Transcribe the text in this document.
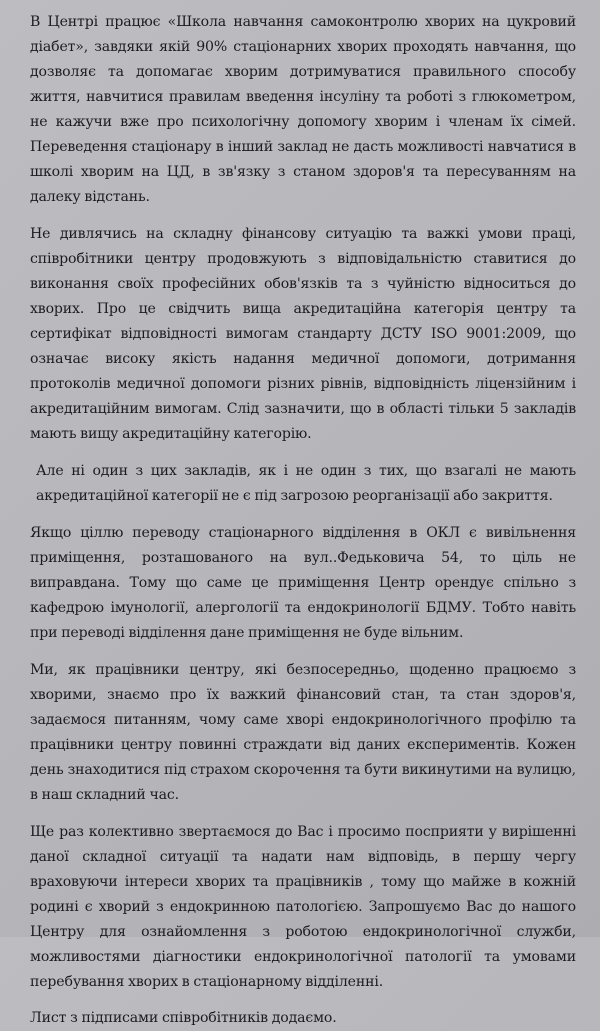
В Центрі працює «Школа навчання самоконтролю хворих на цукровий діабет», завдяки якій 90% стаціонарних хворих проходять навчання, що дозволяє та допомагає хворим дотримуватися правильного способу життя, навчитися правилам введення інсуліну та роботі з глюкометром, не кажучи вже про психологічну допомогу хворим і членам їх сімей. Переведення стаціонару в інший заклад не дасть можливості навчатися в школі хворим на ЦД, в зв'язку з станом здоров'я та пересуванням на далеку відстань.

Не дивлячись на складну фінансову ситуацію та важкі умови праці, співробітники центру продовжують з відповідальністю ставитися до виконання своїх професійних обов'язків та з чуйністю відноситься до хворих. Про це свідчить вища акредитаційна категорія центру та сертифікат відповідності вимогам стандарту ДСТУ ISO 9001:2009, що означає високу якість надання медичної допомоги, дотримання протоколів медичної допомоги різних рівнів, відповідність ліцензійним і акредитаційним вимогам. Слід зазначити, що в області тільки 5 закладів мають вищу акредитаційну категорію.

Але ні один з цих закладів, як і не один з тих, що взагалі не мають акредитаційної категорії не є під загрозою реорганізації або закриття.

Якщо ціллю переводу стаціонарного відділення в ОКЛ є вивільнення приміщення, розташованого на вул..Федьковича 54, то ціль не виправдана. Тому що саме це приміщення Центр орендує спільно з кафедрою імунології, алергології та ендокринології БДМУ. Тобто навіть при переводі відділення дане приміщення не буде вільним.

Ми, як працівники центру, які безпосередньо, щоденно працюємо з хворими, знаємо про їх важкий фінансовий стан, та стан здоров'я, задаємося питанням, чому саме хворі ендокринологічного профілю та працівники центру повинні страждати від даних експериментів. Кожен день знаходитися під страхом скорочення та бути викинутими на вулицю, в наш складний час.

Ще раз колективно звертаємося до Вас і просимо посприяти у вирішенні даної складної ситуації та надати нам відповідь, в першу чергу враховуючи інтереси хворих та працівників , тому що майже в кожній родині є хворий з ендокринною патологією. Запрошуємо Вас до нашого Центру для ознайомлення з роботою ендокринологічної служби, можливостями діагностики ендокринологічної патології та умовами перебування хворих в стаціонарному відділенні.

Лист з підписами співробітників додаємо.
